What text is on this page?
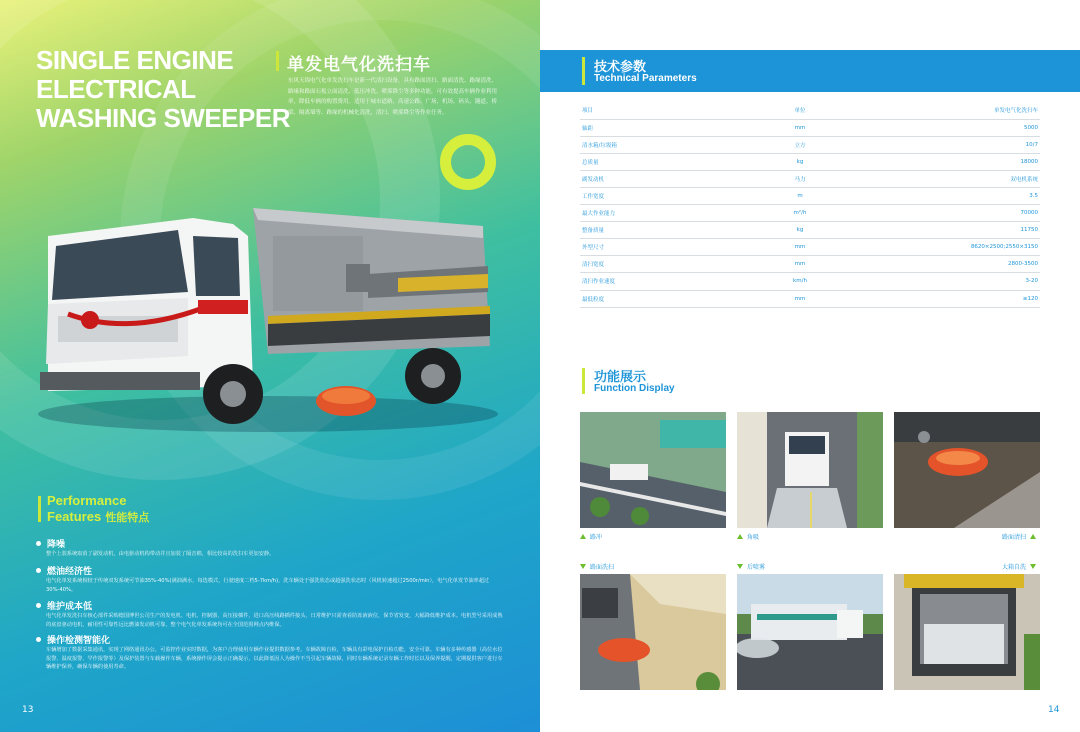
SINGLE ENGINE
ELECTRICAL
WASHING SWEEPER
单发电气化洗扫车
东风天锦电气化单发洗扫车是新一代清扫设备，具有路面清扫、路面清洗、路缘清洗、路缘和路面石板立面清洗、低压冲洗、喷雾降尘等多种功能，可有效提高车辆作业利用率，降低车辆的购置费用。适用于城市道路、高速公路、广场、机场、码头、隧道、桥梁、隔离墙等、路缘的机械化清洗、清扫、喷雾降尘等作业任务。
Performance
Features 性能特点
降噪
整个上装系统取消了副发动机，由电驱动机构带动并且加装了隔音棉，相比较高的洗扫车更加安静。
燃油经济性
电气化单发系统相较于传统双发系统可节油35%-40%(满油满水，每选模式，行驶速度二档5-7km/h)，洗车辆处于强洗状态或超强洗状态时（风机转速超过2500r/min），电气化单发节油率超过30%-40%。
维护成本低
电气化单发洗扫车核心部件采购德国博世公司生产的发电机、电机、控制器、高压接插件，进口高压线路插件接头，日常维护只需查看防冻液液位，保节省发变，大幅降低维护成本。电机型号采用成熟的底盘驱动电机，耐用性可靠性远比燃油发动机可靠，整个电气化单发系统均可在全国范围网点内维保。
操作检测智能化
车辆增加了数据采集通讯，实现了网络通讯办公，可监控作业实时数据，为客户合理使用车辆作业提供数据参考。车辆故障自检，车辆具有彩电保护自检功能，安全可靠。车辆有多种传感器（高位水位报警、温度报警、罕作报警等）及保护装置与车载操作车辆，系统操作屏会提示正确提示，以此降低因人为操作不当引起车辆故障，同时车辆系统记录车辆工作时长以及保养提醒，定期提供客户进行车辆维护保养，确保车辆的使用寿命。
13
技术参数
Technical Parameters
项目	单位	单发电气化洗扫车
轴距	mm	5000
清水箱/垃圾箱	立方	10/7
总质量	kg	18000
副发动机	马力	双电机系统
工作宽度	m	3.5
最大作业能力	m²/h	70000
整备质量	kg	11750
外型尺寸	mm	8620×2500;2550×3150
清扫宽度	mm	2800-3500
清扫作业速度	km/h	3-20
最低粒度	mm	≥120
功能展示
Function Display
路冲	角吸	路面清扫
路面洗扫	后喷雾	大箱自洗
14
